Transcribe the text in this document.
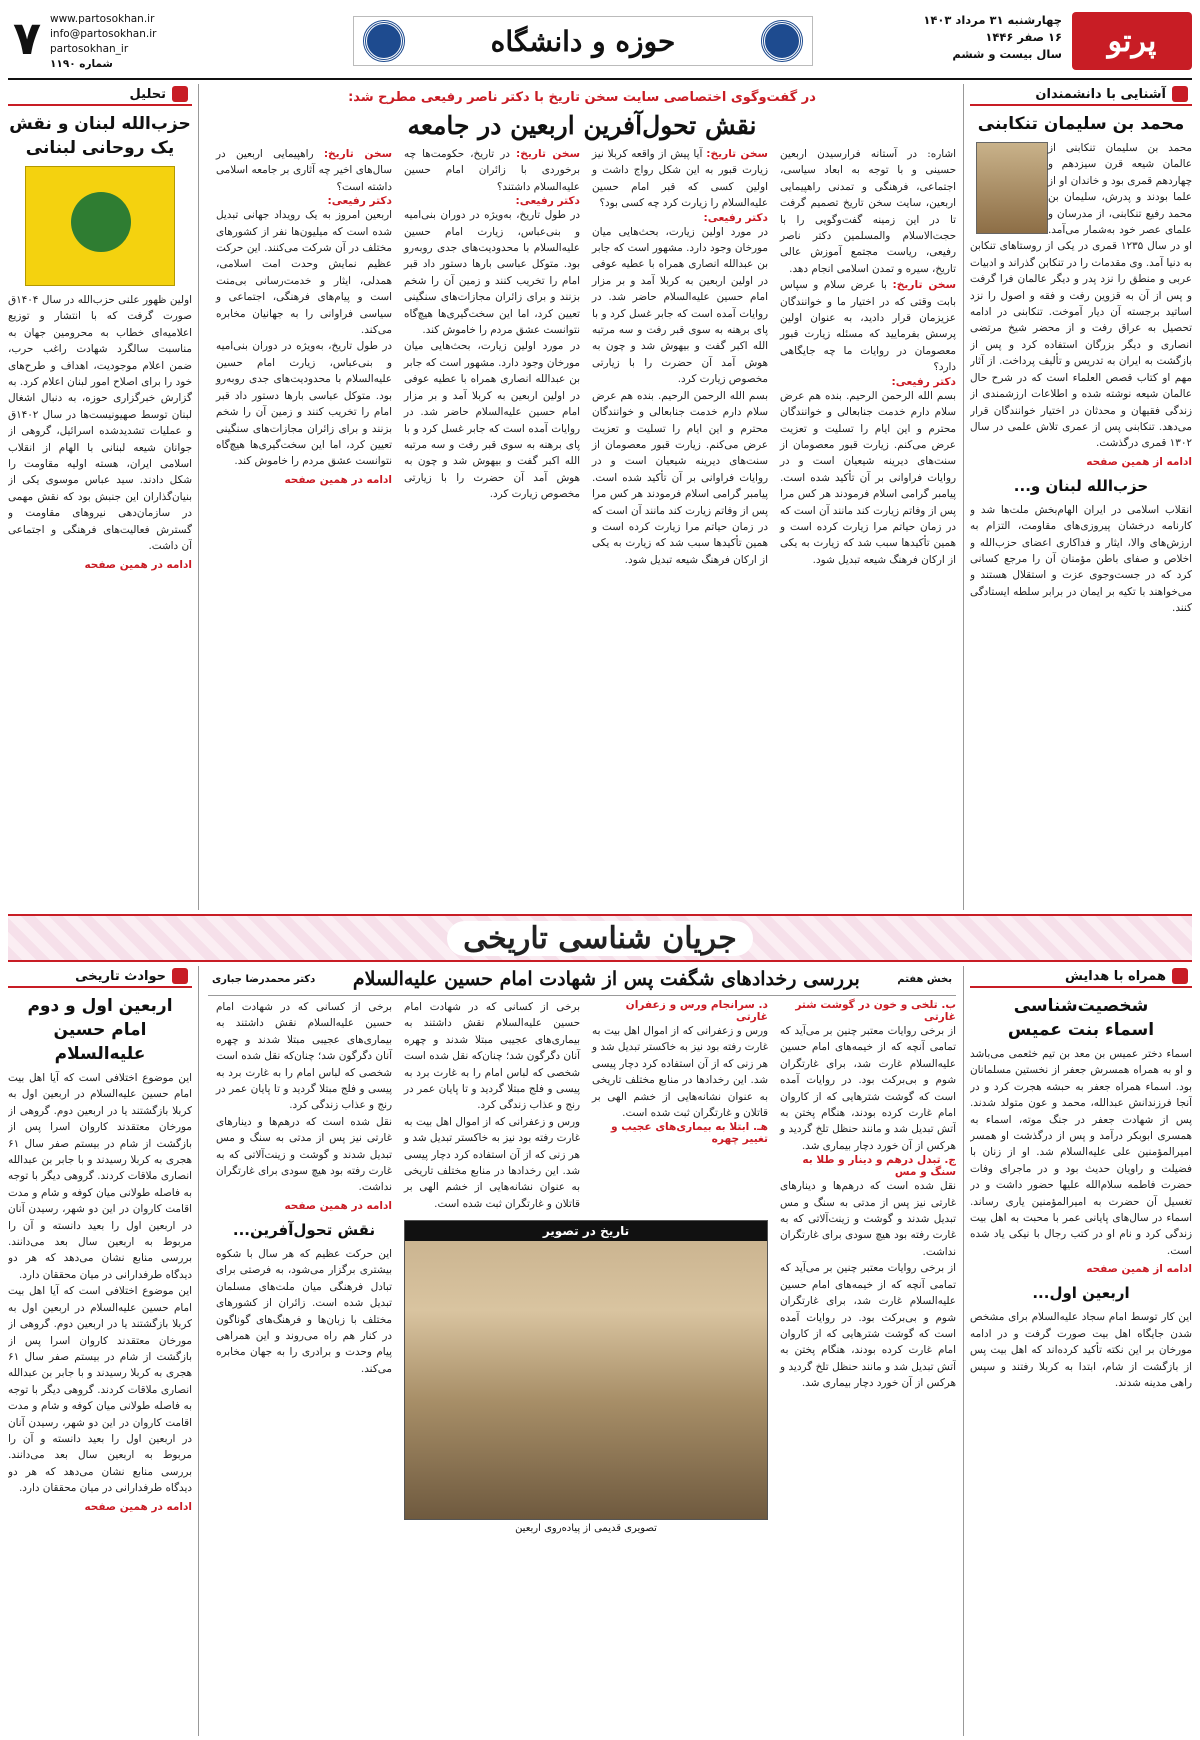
پرتو
چهارشنبه ۳۱ مرداد ۱۴۰۳
۱۶ صفر ۱۴۴۶
سال بیست و ششم
حوزه و دانشگاه
www.partosokhan.ir
info@partosokhan.ir
partosokhan_ir
شماره ۱۱۹۰
۷
آشنایی با دانشمندان
محمد بن سلیمان تنکابنی

محمد بن سلیمان تنکابنی از عالمان شیعه قرن سیزدهم و چهاردهم قمری بود و خاندان او از علما بودند و پدرش، سلیمان بن محمد رفیع تنکابنی، از مدرسان و علمای عصر خود به‌شمار می‌آمد. او در سال ۱۲۳۵ قمری در یکی از روستاهای تنکابن به دنیا آمد. وی مقدمات را در تنکابن گذراند و ادبیات عربی و منطق را نزد پدر و دیگر عالمان فرا گرفت و پس از آن به قزوین رفت و فقه و اصول را نزد اساتید برجسته آن دیار آموخت. تنکابنی در ادامه تحصیل به عراق رفت و از محضر شیخ مرتضی انصاری و دیگر بزرگان استفاده کرد و پس از بازگشت به ایران به تدریس و تألیف پرداخت. از آثار مهم او کتاب قصص العلماء است که در شرح حال عالمان شیعه نوشته شده و اطلاعات ارزشمندی از زندگی فقیهان و محدثان در اختیار خوانندگان قرار می‌دهد. تنکابنی پس از عمری تلاش علمی در سال ۱۳۰۲ قمری درگذشت.

ادامه از همین صفحه
حزب‌الله لبنان و...

انقلاب اسلامی در ایران الهام‌بخش ملت‌ها شد و کارنامه درخشان پیروزی‌های مقاومت، التزام به ارزش‌های والا، ایثار و فداکاری اعضای حزب‌الله و اخلاص و صفای باطن مؤمنان آن را مرجع کسانی کرد که در جست‌وجوی عزت و استقلال هستند و می‌خواهند با تکیه بر ایمان در برابر سلطه ایستادگی کنند.

در گفت‌وگوی اختصاصی سایت سخن تاریخ با دکتر ناصر رفیعی مطرح شد:
نقش تحول‌آفرین اربعین در جامعه

اشاره: در آستانه فرارسیدن اربعین حسینی و با توجه به ابعاد سیاسی، اجتماعی، فرهنگی و تمدنی راهپیمایی اربعین، سایت سخن تاریخ تصمیم گرفت تا در این زمینه گفت‌وگویی را با حجت‌الاسلام والمسلمین دکتر ناصر رفیعی، ریاست مجتمع آموزش عالی تاریخ، سیره و تمدن اسلامی انجام دهد.

سخن تاریخ: با عرض سلام و سپاس بابت وقتی که در اختیار ما و خوانندگان عزیزمان قرار دادید، به عنوان اولین پرسش بفرمایید که مسئله زیارت قبور معصومان در روایات ما چه جایگاهی دارد؟

دکتر رفیعی:

بسم الله الرحمن الرحیم. بنده هم عرض سلام دارم خدمت جنابعالی و خوانندگان محترم و این ایام را تسلیت و تعزیت عرض می‌کنم. زیارت قبور معصومان از سنت‌های دیرینه شیعیان است و در روایات فراوانی بر آن تأکید شده است. پیامبر گرامی اسلام فرمودند هر کس مرا پس از وفاتم زیارت کند مانند آن است که در زمان حیاتم مرا زیارت کرده است و همین تأکیدها سبب شد که زیارت به یکی از ارکان فرهنگ شیعه تبدیل شود.

سخن تاریخ: آیا پیش از واقعه کربلا نیز زیارت قبور به این شکل رواج داشت و اولین کسی که قبر امام حسین علیه‌السلام را زیارت کرد چه کسی بود؟

دکتر رفیعی:

در مورد اولین زیارت، بحث‌هایی میان مورخان وجود دارد. مشهور است که جابر بن عبدالله انصاری همراه با عطیه عوفی در اولین اربعین به کربلا آمد و بر مزار امام حسین علیه‌السلام حاضر شد. در روایات آمده است که جابر غسل کرد و با پای برهنه به سوی قبر رفت و سه مرتبه الله اکبر گفت و بیهوش شد و چون به هوش آمد آن حضرت را با زیارتی مخصوص زیارت کرد.

بسم الله الرحمن الرحیم. بنده هم عرض سلام دارم خدمت جنابعالی و خوانندگان محترم و این ایام را تسلیت و تعزیت عرض می‌کنم. زیارت قبور معصومان از سنت‌های دیرینه شیعیان است و در روایات فراوانی بر آن تأکید شده است. پیامبر گرامی اسلام فرمودند هر کس مرا پس از وفاتم زیارت کند مانند آن است که در زمان حیاتم مرا زیارت کرده است و همین تأکیدها سبب شد که زیارت به یکی از ارکان فرهنگ شیعه تبدیل شود.

سخن تاریخ: در تاریخ، حکومت‌ها چه برخوردی با زائران امام حسین علیه‌السلام داشتند؟

دکتر رفیعی:

در طول تاریخ، به‌ویژه در دوران بنی‌امیه و بنی‌عباس، زیارت امام حسین علیه‌السلام با محدودیت‌های جدی روبه‌رو بود. متوکل عباسی بارها دستور داد قبر امام را تخریب کنند و زمین آن را شخم بزنند و برای زائران مجازات‌های سنگینی تعیین کرد، اما این سخت‌گیری‌ها هیچ‌گاه نتوانست عشق مردم را خاموش کند.

در مورد اولین زیارت، بحث‌هایی میان مورخان وجود دارد. مشهور است که جابر بن عبدالله انصاری همراه با عطیه عوفی در اولین اربعین به کربلا آمد و بر مزار امام حسین علیه‌السلام حاضر شد. در روایات آمده است که جابر غسل کرد و با پای برهنه به سوی قبر رفت و سه مرتبه الله اکبر گفت و بیهوش شد و چون به هوش آمد آن حضرت را با زیارتی مخصوص زیارت کرد.

سخن تاریخ: راهپیمایی اربعین در سال‌های اخیر چه آثاری بر جامعه اسلامی داشته است؟

دکتر رفیعی:

اربعین امروز به یک رویداد جهانی تبدیل شده است که میلیون‌ها نفر از کشورهای مختلف در آن شرکت می‌کنند. این حرکت عظیم نمایش وحدت امت اسلامی، همدلی، ایثار و خدمت‌رسانی بی‌منت است و پیام‌های فرهنگی، اجتماعی و سیاسی فراوانی را به جهانیان مخابره می‌کند.

در طول تاریخ، به‌ویژه در دوران بنی‌امیه و بنی‌عباس، زیارت امام حسین علیه‌السلام با محدودیت‌های جدی روبه‌رو بود. متوکل عباسی بارها دستور داد قبر امام را تخریب کنند و زمین آن را شخم بزنند و برای زائران مجازات‌های سنگینی تعیین کرد، اما این سخت‌گیری‌ها هیچ‌گاه نتوانست عشق مردم را خاموش کند.

ادامه در همین صفحه
تحلیل
حزب‌الله لبنان و نقش یک روحانی لبنانی

اولین ظهور علنی حزب‌الله در سال ۱۴۰۴ق صورت گرفت که با انتشار و توزیع اعلامیه‌ای خطاب به محرومین جهان به مناسبت سالگرد شهادت راغب حرب، ضمن اعلام موجودیت، اهداف و طرح‌های خود را برای اصلاح امور لبنان اعلام کرد. به گزارش خبرگزاری حوزه، به دنبال اشغال لبنان توسط صهیونیست‌ها در سال ۱۴۰۲ق و عملیات تشدیدشده اسرائیل، گروهی از جوانان شیعه لبنانی با الهام از انقلاب اسلامی ایران، هسته اولیه مقاومت را شکل دادند. سید عباس موسوی یکی از بنیان‌گذاران این جنبش بود که نقش مهمی در سازمان‌دهی نیروهای مقاومت و گسترش فعالیت‌های فرهنگی و اجتماعی آن داشت.

ادامه در همین صفحه
جریان شناسی تاریخی
همراه با هدایش
شخصیت‌شناسی
اسماء بنت عمیس

اسماء دختر عمیس بن معد بن تیم خثعمی می‌باشد و او به همراه همسرش جعفر از نخستین مسلمانان بود. اسماء همراه جعفر به حبشه هجرت کرد و در آنجا فرزندانش عبدالله، محمد و عون متولد شدند. پس از شهادت جعفر در جنگ موته، اسماء به همسری ابوبکر درآمد و پس از درگذشت او همسر امیرالمؤمنین علی علیه‌السلام شد. او از زنان با فضیلت و راویان حدیث بود و در ماجرای وفات حضرت فاطمه سلام‌الله علیها حضور داشت و در تغسیل آن حضرت به امیرالمؤمنین یاری رساند. اسماء در سال‌های پایانی عمر با محبت به اهل بیت زندگی کرد و نام او در کتب رجال با نیکی یاد شده است.

ادامه از همین صفحه
اربعین اول...

این کار توسط امام سجاد علیه‌السلام برای مشخص شدن جایگاه اهل بیت صورت گرفت و در ادامه مورخان بر این نکته تأکید کرده‌اند که اهل بیت پس از بازگشت از شام، ابتدا به کربلا رفتند و سپس راهی مدینه شدند.

بخش هفتم
بررسی رخدادهای شگفت پس از شهادت امام حسین علیه‌السلام
دکتر محمدرضا جباری

ب. تلخی و خون در گوشت شتر غارتی

از برخی روایات معتبر چنین بر می‌آید که تمامی آنچه که از خیمه‌های امام حسین علیه‌السلام غارت شد، برای غارتگران شوم و بی‌برکت بود. در روایات آمده است که گوشت شترهایی که از کاروان امام غارت کرده بودند، هنگام پختن به آتش تبدیل شد و مانند حنظل تلخ گردید و هرکس از آن خورد دچار بیماری شد.

ج. تبدل درهم و دینار و طلا به سنگ و مس

نقل شده است که درهم‌ها و دینارهای غارتی نیز پس از مدتی به سنگ و مس تبدیل شدند و گوشت و زینت‌آلاتی که به غارت رفته بود هیچ سودی برای غارتگران نداشت.

از برخی روایات معتبر چنین بر می‌آید که تمامی آنچه که از خیمه‌های امام حسین علیه‌السلام غارت شد، برای غارتگران شوم و بی‌برکت بود. در روایات آمده است که گوشت شترهایی که از کاروان امام غارت کرده بودند، هنگام پختن به آتش تبدیل شد و مانند حنظل تلخ گردید و هرکس از آن خورد دچار بیماری شد.

د. سرانجام ورس و زعفران غارتی

ورس و زعفرانی که از اموال اهل بیت به غارت رفته بود نیز به خاکستر تبدیل شد و هر زنی که از آن استفاده کرد دچار پیسی شد. این رخدادها در منابع مختلف تاریخی به عنوان نشانه‌هایی از خشم الهی بر قاتلان و غارتگران ثبت شده است.

هـ. ابتلا به بیماری‌های عجیب و تغییر چهره

برخی از کسانی که در شهادت امام حسین علیه‌السلام نقش داشتند به بیماری‌های عجیبی مبتلا شدند و چهره آنان دگرگون شد؛ چنان‌که نقل شده است شخصی که لباس امام را به غارت برد به پیسی و فلج مبتلا گردید و تا پایان عمر در رنج و عذاب زندگی کرد.

ورس و زعفرانی که از اموال اهل بیت به غارت رفته بود نیز به خاکستر تبدیل شد و هر زنی که از آن استفاده کرد دچار پیسی شد. این رخدادها در منابع مختلف تاریخی به عنوان نشانه‌هایی از خشم الهی بر قاتلان و غارتگران ثبت شده است.

تاریخ در تصویر
تصویری قدیمی از پیاده‌روی اربعین

برخی از کسانی که در شهادت امام حسین علیه‌السلام نقش داشتند به بیماری‌های عجیبی مبتلا شدند و چهره آنان دگرگون شد؛ چنان‌که نقل شده است شخصی که لباس امام را به غارت برد به پیسی و فلج مبتلا گردید و تا پایان عمر در رنج و عذاب زندگی کرد.

نقل شده است که درهم‌ها و دینارهای غارتی نیز پس از مدتی به سنگ و مس تبدیل شدند و گوشت و زینت‌آلاتی که به غارت رفته بود هیچ سودی برای غارتگران نداشت.

ادامه در همین صفحه
نقش تحول‌آفرین...

این حرکت عظیم که هر سال با شکوه بیشتری برگزار می‌شود، به فرصتی برای تبادل فرهنگی میان ملت‌های مسلمان تبدیل شده است. زائران از کشورهای مختلف با زبان‌ها و فرهنگ‌های گوناگون در کنار هم راه می‌روند و این همراهی پیام وحدت و برادری را به جهان مخابره می‌کند.

حوادث تاریخی
اربعین اول و دوم امام حسین علیه‌السلام

این موضوع اختلافی است که آیا اهل بیت امام حسین علیه‌السلام در اربعین اول به کربلا بازگشتند یا در اربعین دوم. گروهی از مورخان معتقدند کاروان اسرا پس از بازگشت از شام در بیستم صفر سال ۶۱ هجری به کربلا رسیدند و با جابر بن عبدالله انصاری ملاقات کردند. گروهی دیگر با توجه به فاصله طولانی میان کوفه و شام و مدت اقامت کاروان در این دو شهر، رسیدن آنان در اربعین اول را بعید دانسته و آن را مربوط به اربعین سال بعد می‌دانند. بررسی منابع نشان می‌دهد که هر دو دیدگاه طرفدارانی در میان محققان دارد.

این موضوع اختلافی است که آیا اهل بیت امام حسین علیه‌السلام در اربعین اول به کربلا بازگشتند یا در اربعین دوم. گروهی از مورخان معتقدند کاروان اسرا پس از بازگشت از شام در بیستم صفر سال ۶۱ هجری به کربلا رسیدند و با جابر بن عبدالله انصاری ملاقات کردند. گروهی دیگر با توجه به فاصله طولانی میان کوفه و شام و مدت اقامت کاروان در این دو شهر، رسیدن آنان در اربعین اول را بعید دانسته و آن را مربوط به اربعین سال بعد می‌دانند. بررسی منابع نشان می‌دهد که هر دو دیدگاه طرفدارانی در میان محققان دارد.

ادامه در همین صفحه
